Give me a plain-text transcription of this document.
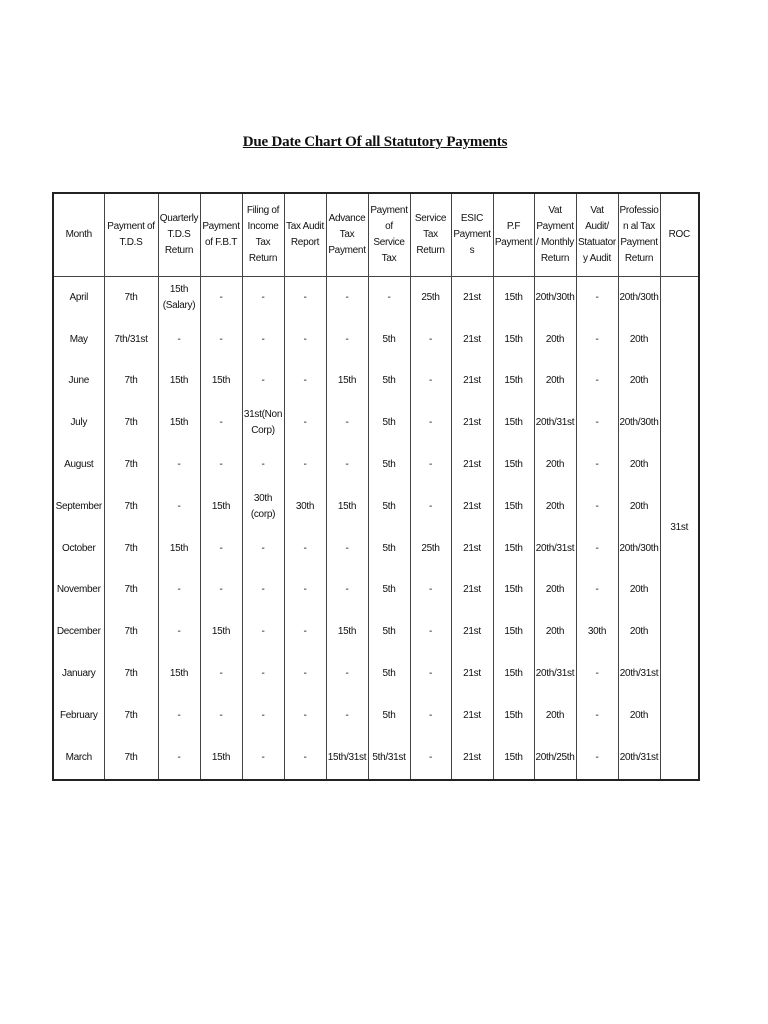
Due Date Chart Of all Statutory Payments
Month	Payment of T.D.S	Quarterly T.D.S Return	Payment of F.B.T	Filing of Income Tax Return	Tax Audit Report	Advance Tax Payment	Payment of Service Tax	Service Tax Return	ESIC Payments	P.F Payment	Vat Payment/ Monthly Return	Vat Audit/ Statuatory Audit	Profession al Tax Payment Return	ROC
April	7th	15th (Salary)	-	-	-	-	-	25th	21st	15th	20th/30th	-	20th/30th	31st
May	7th/31st	-	-	-	-	-	5th	-	21st	15th	20th	-	20th	
June	7th	15th	15th	-	-	15th	5th	-	21st	15th	20th	-	20th	
July	7th	15th	-	31st(Non Corp)	-	-	5th	-	21st	15th	20th/31st	-	20th/30th	
August	7th	-	-	-	-	-	5th	-	21st	15th	20th	-	20th	
September	7th	-	15th	30th (corp)	30th	15th	5th	-	21st	15th	20th	-	20th	
October	7th	15th	-	-	-	-	5th	25th	21st	15th	20th/31st	-	20th/30th	
November	7th	-	-	-	-	-	5th	-	21st	15th	20th	-	20th	
December	7th	-	15th	-	-	15th	5th	-	21st	15th	20th	30th	20th	
January	7th	15th	-	-	-	-	5th	-	21st	15th	20th/31st	-	20th/31st	
February	7th	-	-	-	-	-	5th	-	21st	15th	20th	-	20th	
March	7th	-	15th	-	-	15th/31st	5th/31st	-	21st	15th	20th/25th	-	20th/31st	
